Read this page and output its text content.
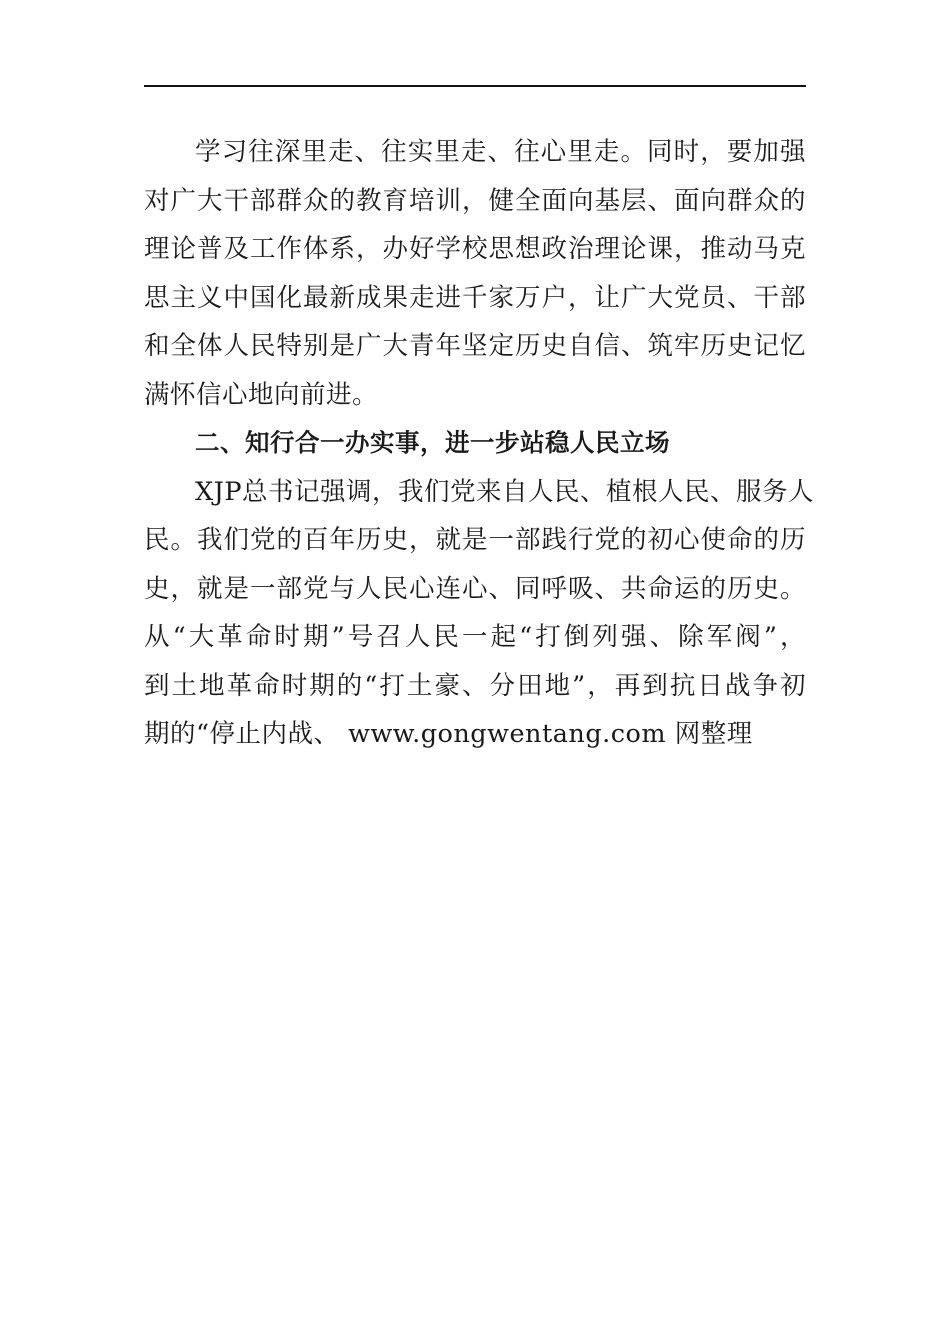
学习往深里走、往实里走、往心里走。同时，要加强
对广大干部群众的教育培训，健全面向基层、面向群众的
理论普及工作体系，办好学校思想政治理论课，推动马克
思主义中国化最新成果走进千家万户，让广大党员、干部
和全体人民特别是广大青年坚定历史自信、筑牢历史记忆
满怀信心地向前进。
二、知行合一办实事，进一步站稳人民立场
XJP总书记强调，我们党来自人民、植根人民、服务人
民。我们党的百年历史，就是一部践行党的初心使命的历
史，就是一部党与人民心连心、同呼吸、共命运的历史。
从“大革命时期”号召人民一起“打倒列强、除军阀”，
到土地革命时期的“打土豪、分田地”，再到抗日战争初
期的“停止内战、 www.gongwentang.com 网整理
